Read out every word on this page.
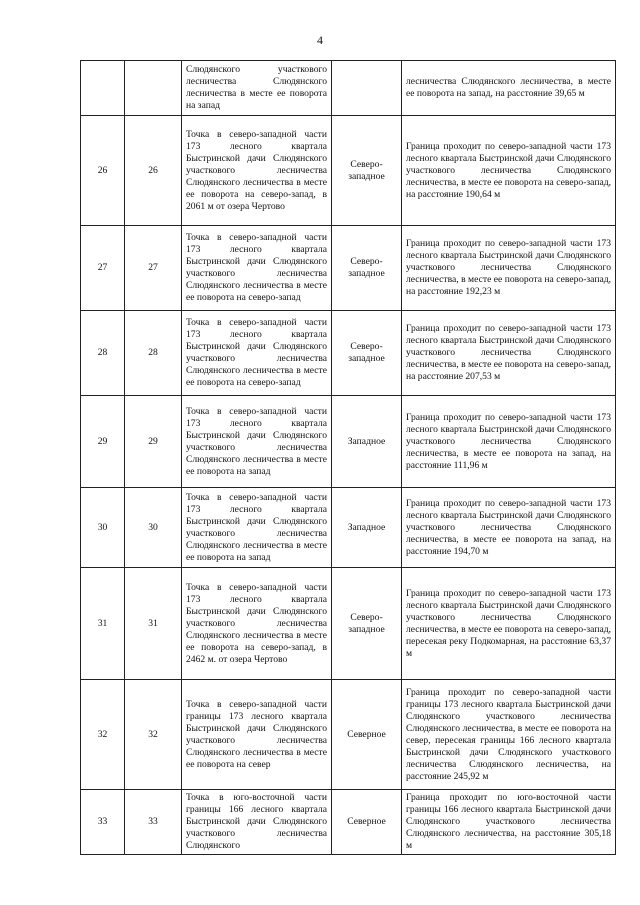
4
		Слюдянского участкового лесничества Слюдянского лесничества в месте ее поворота на запад		лесничества Слюдянского лесничества, в месте ее поворота на запад, на расстояние 39,65 м
26	26	Точка в северо-западной части 173 лесного квартала Быстринской дачи Слюдянского участкового лесничества Слюдянского лесничества в месте ее поворота на северо-запад, в 2061 м от озера Чертово	Северо-западное	Граница проходит по северо-западной части 173 лесного квартала Быстринской дачи Слюдянского участкового лесничества Слюдянского лесничества, в месте ее поворота на северо-запад, на расстояние 190,64 м
27	27	Точка в северо-западной части 173 лесного квартала Быстринской дачи Слюдянского участкового лесничества Слюдянского лесничества в месте ее поворота на северо-запад	Северо-западное	Граница проходит по северо-западной части 173 лесного квартала Быстринской дачи Слюдянского участкового лесничества Слюдянского лесничества, в месте ее поворота на северо-запад, на расстояние 192,23 м
28	28	Точка в северо-западной части 173 лесного квартала Быстринской дачи Слюдянского участкового лесничества Слюдянского лесничества в месте ее поворота на северо-запад	Северо-западное	Граница проходит по северо-западной части 173 лесного квартала Быстринской дачи Слюдянского участкового лесничества Слюдянского лесничества, в месте ее поворота на северо-запад, на расстояние 207,53 м
29	29	Точка в северо-западной части 173 лесного квартала Быстринской дачи Слюдянского участкового лесничества Слюдянского лесничества в месте ее поворота на запад	Западное	Граница проходит по северо-западной части 173 лесного квартала Быстринской дачи Слюдянского участкового лесничества Слюдянского лесничества, в месте ее поворота на запад, на расстояние 111,96 м
30	30	Точка в северо-западной части 173 лесного квартала Быстринской дачи Слюдянского участкового лесничества Слюдянского лесничества в месте ее поворота на запад	Западное	Граница проходит по северо-западной части 173 лесного квартала Быстринской дачи Слюдянского участкового лесничества Слюдянского лесничества, в месте ее поворота на запад, на расстояние 194,70 м
31	31	Точка в северо-западной части 173 лесного квартала Быстринской дачи Слюдянского участкового лесничества Слюдянского лесничества в месте ее поворота на северо-запад, в 2462 м. от озера Чертово	Северо-западное	Граница проходит по северо-западной части 173 лесного квартала Быстринской дачи Слюдянского участкового лесничества Слюдянского лесничества, в месте ее поворота на северо-запад, пересекая реку Подкомарная, на расстояние 63,37 м
32	32	Точка в северо-западной части границы 173 лесного квартала Быстринской дачи Слюдянского участкового лесничества Слюдянского лесничества в месте ее поворота на север	Северное	Граница проходит по северо-западной части границы 173 лесного квартала Быстринской дачи Слюдянского участкового лесничества Слюдянского лесничества, в месте ее поворота на север, пересекая границы 166 лесного квартала Быстринской дачи Слюдянского участкового лесничества Слюдянского лесничества, на расстояние 245,92 м
33	33	Точка в юго-восточной части границы 166 лесного квартала Быстринской дачи Слюдянского участкового лесничества Слюдянского	Северное	Граница проходит по юго-восточной части границы 166 лесного квартала Быстринской дачи Слюдянского участкового лесничества Слюдянского лесничества, на расстояние 305,18 м
